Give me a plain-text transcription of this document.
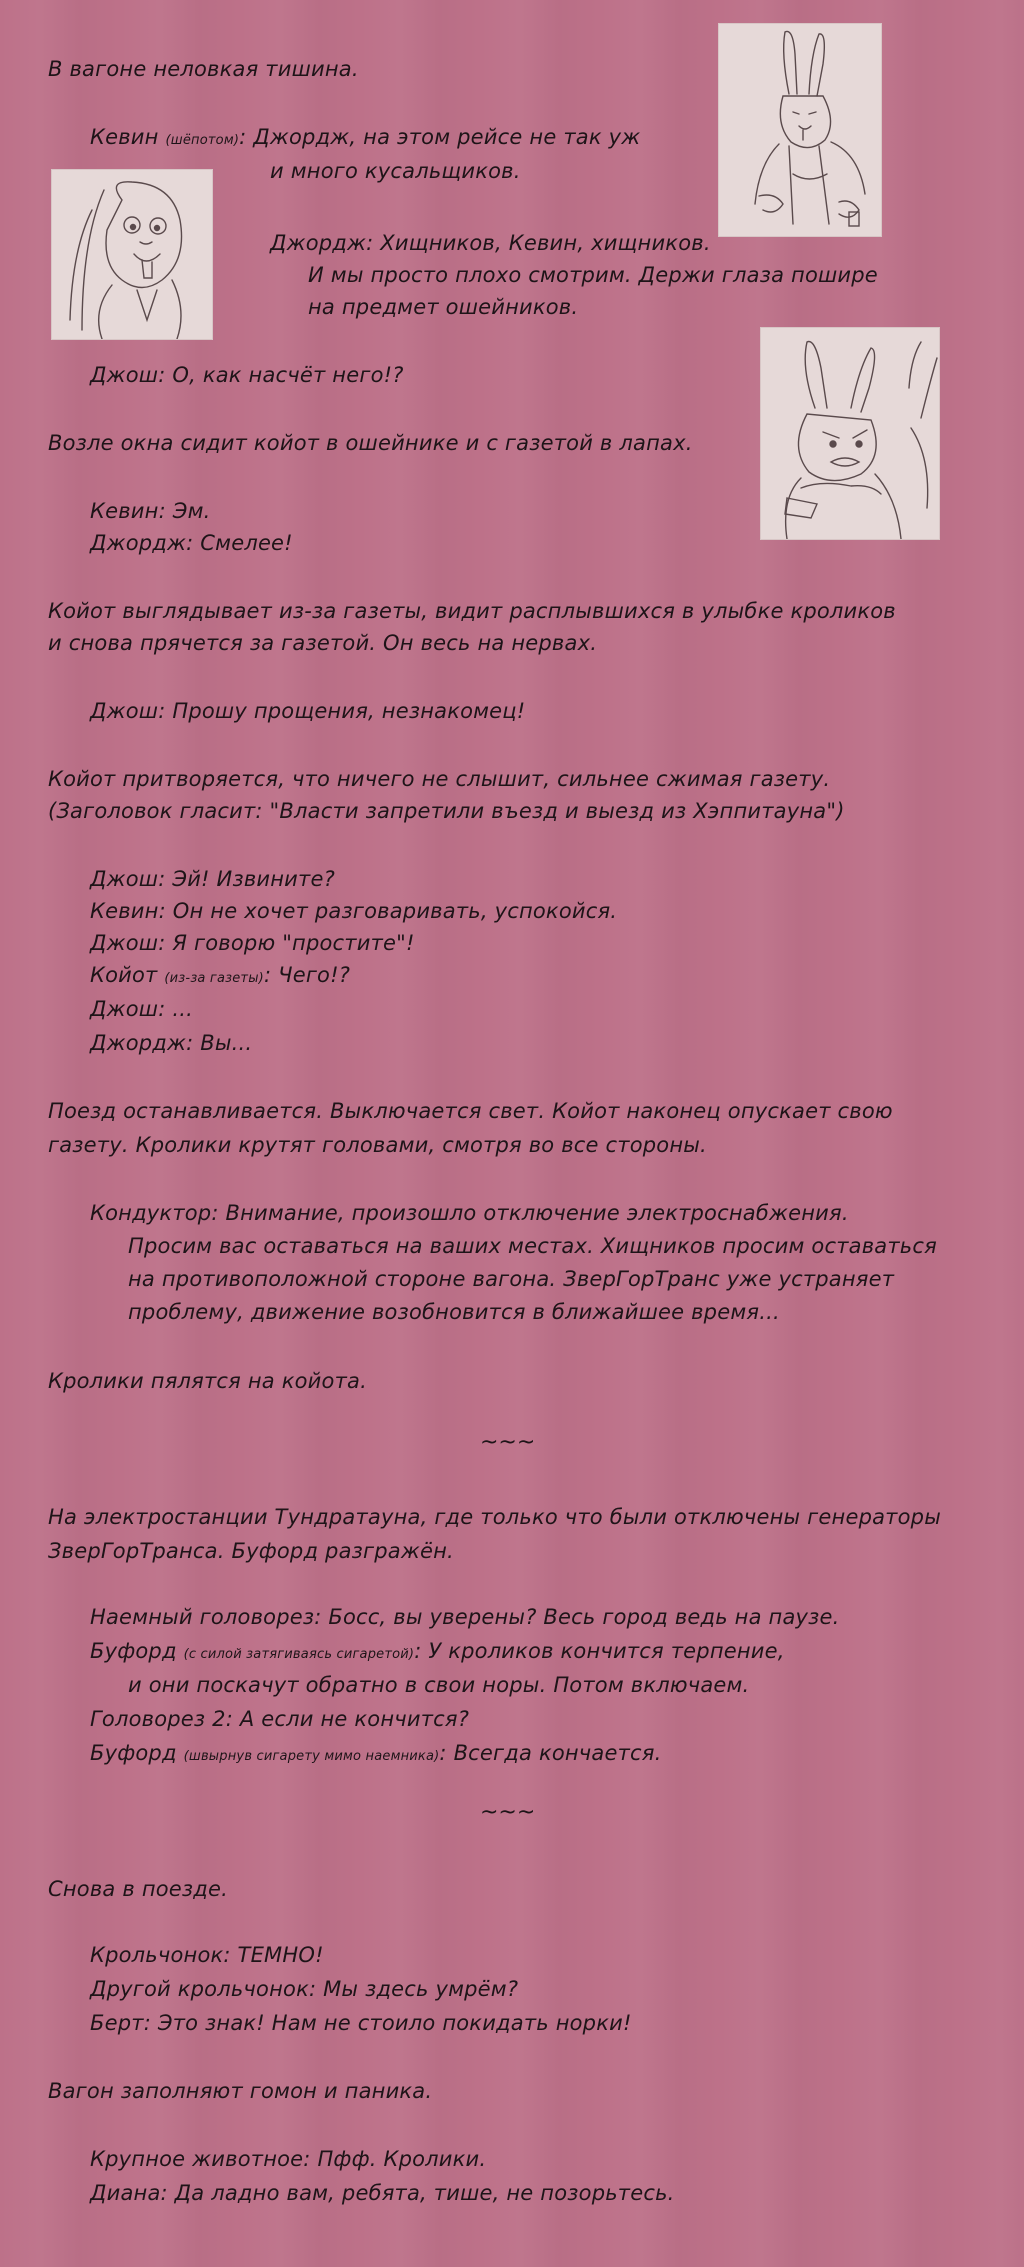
В вагоне неловкая тишина.
Кевин (шёпотом): Джордж, на этом рейсе не так уж
и много кусальщиков.
Джордж: Хищников, Кевин, хищников.
И мы просто плохо смотрим. Держи глаза пошире
на предмет ошейников.
Джош: О, как насчёт него!?
Возле окна сидит койот в ошейнике и с газетой в лапах.
Кевин: Эм.
Джордж: Смелее!
Койот выглядывает из-за газеты, видит расплывшихся в улыбке кроликов
и снова прячется за газетой. Он весь на нервах.
Джош: Прошу прощения, незнакомец!
Койот притворяется, что ничего не слышит, сильнее сжимая газету.
(Заголовок гласит: "Власти запретили въезд и выезд из Хэппитауна")
Джош: Эй! Извините?
Кевин: Он не хочет разговаривать, успокойся.
Джош: Я говорю "простите"!
Койот (из-за газеты): Чего!?
Джош: ...
Джордж: Вы...
Поезд останавливается. Выключается свет. Койот наконец опускает свою
газету. Кролики крутят головами, смотря во все стороны.
Кондуктор: Внимание, произошло отключение электроснабжения.
Просим вас оставаться на ваших местах. Хищников просим оставаться
на противоположной стороне вагона. ЗверГорТранс уже устраняет
проблему, движение возобновится в ближайшее время...
Кролики пялятся на койота.
~~~
На электростанции Тундратауна, где только что были отключены генераторы
ЗверГорТранса. Буфорд разгражён.
Наемный головорез: Босс, вы уверены? Весь город ведь на паузе.
Буфорд (с силой затягиваясь сигаретой): У кроликов кончится терпение,
и они поскачут обратно в свои норы. Потом включаем.
Головорез 2: А если не кончится?
Буфорд (швырнув сигарету мимо наемника): Всегда кончается.
~~~
Снова в поезде.
Крольчонок: ТЕМНО!
Другой крольчонок: Мы здесь умрём?
Берт: Это знак! Нам не стоило покидать норки!
Вагон заполняют гомон и паника.
Крупное животное: Пфф. Кролики.
Диана: Да ладно вам, ребята, тише, не позорьтесь.
